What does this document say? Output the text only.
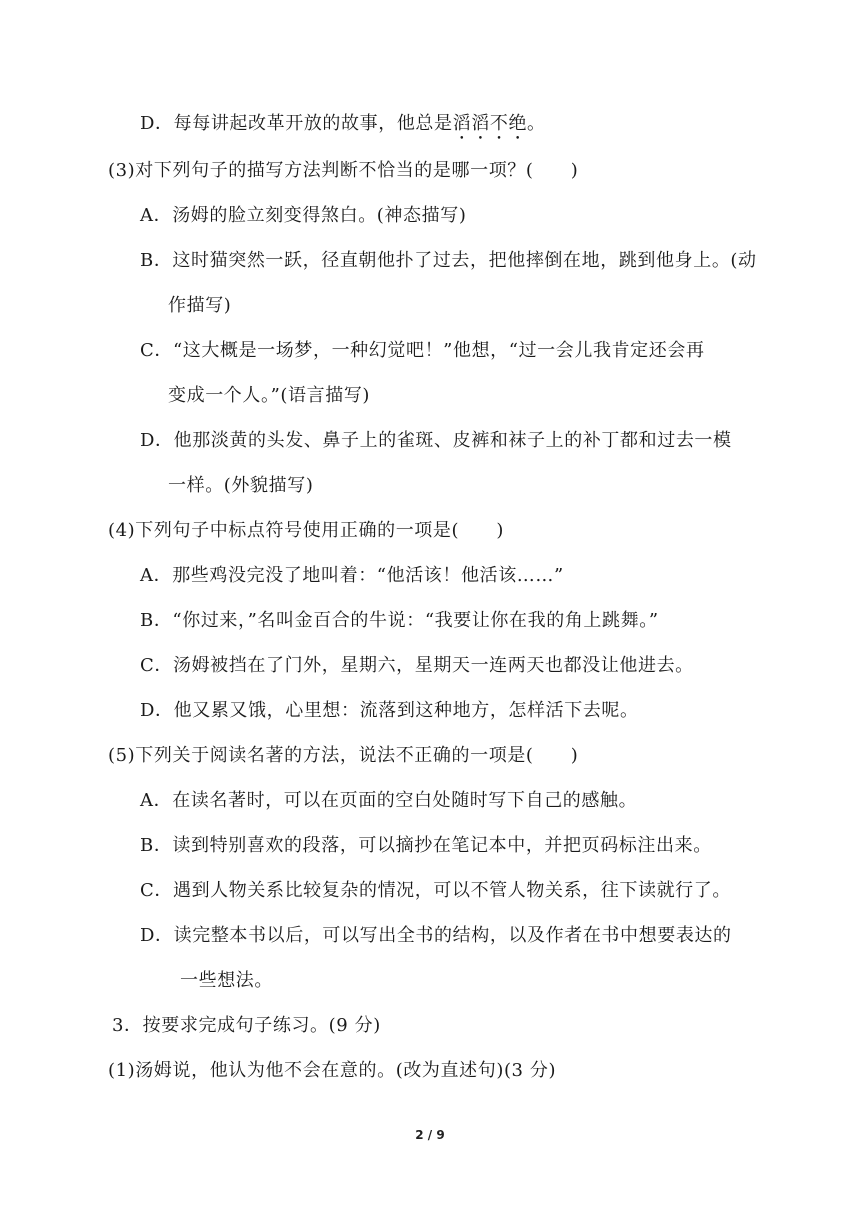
D．每每讲起改革开放的故事，他总是滔滔不绝。
(3)对下列句子的描写方法判断不恰当的是哪一项？(　　)
A．汤姆的脸立刻变得煞白。(神态描写)
B．这时猫突然一跃，径直朝他扑了过去，把他摔倒在地，跳到他身上。(动
作描写)
C．“这大概是一场梦，一种幻觉吧！”他想，“过一会儿我肯定还会再
变成一个人。”(语言描写)
D．他那淡黄的头发、鼻子上的雀斑、皮裤和袜子上的补丁都和过去一模
一样。(外貌描写)
(4)下列句子中标点符号使用正确的一项是(　　)
A．那些鸡没完没了地叫着：“他活该！他活该……”
B．“你过来，”名叫金百合的牛说：“我要让你在我的角上跳舞。”
C．汤姆被挡在了门外，星期六，星期天一连两天也都没让他进去。
D．他又累又饿，心里想：流落到这种地方，怎样活下去呢。
(5)下列关于阅读名著的方法，说法不正确的一项是(　　)
A．在读名著时，可以在页面的空白处随时写下自己的感触。
B．读到特别喜欢的段落，可以摘抄在笔记本中，并把页码标注出来。
C．遇到人物关系比较复杂的情况，可以不管人物关系，往下读就行了。
D．读完整本书以后，可以写出全书的结构，以及作者在书中想要表达的
一些想法。
3．按要求完成句子练习。(9 分)
(1)汤姆说，他认为他不会在意的。(改为直述句)(3 分)
2 / 9
